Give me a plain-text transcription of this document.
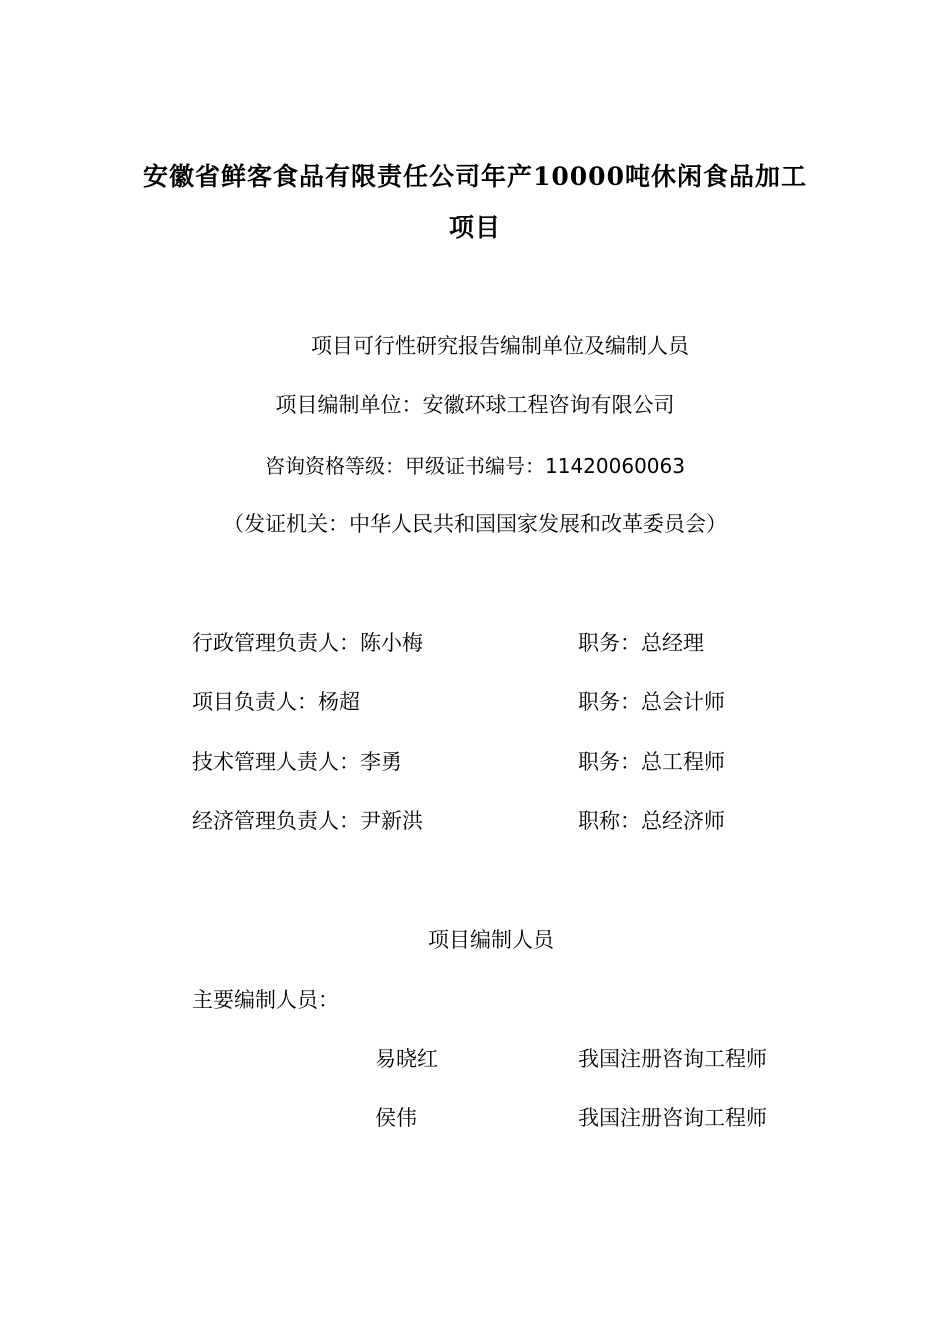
安徽省鲜客食品有限责任公司年产10000吨休闲食品加工
项目
项目可行性研究报告编制单位及编制人员
项目编制单位：安徽环球工程咨询有限公司
咨询资格等级：甲级证书编号：11420060063
（发证机关：中华人民共和国国家发展和改革委员会）
行政管理负责人：陈小梅	职务：总经理
项目负责人：杨超	职务：总会计师
技术管理人责人：李勇	职务：总工程师
经济管理负责人：尹新洪	职称：总经济师
项目编制人员
主要编制人员：
易晓红	我国注册咨询工程师
侯伟	我国注册咨询工程师
